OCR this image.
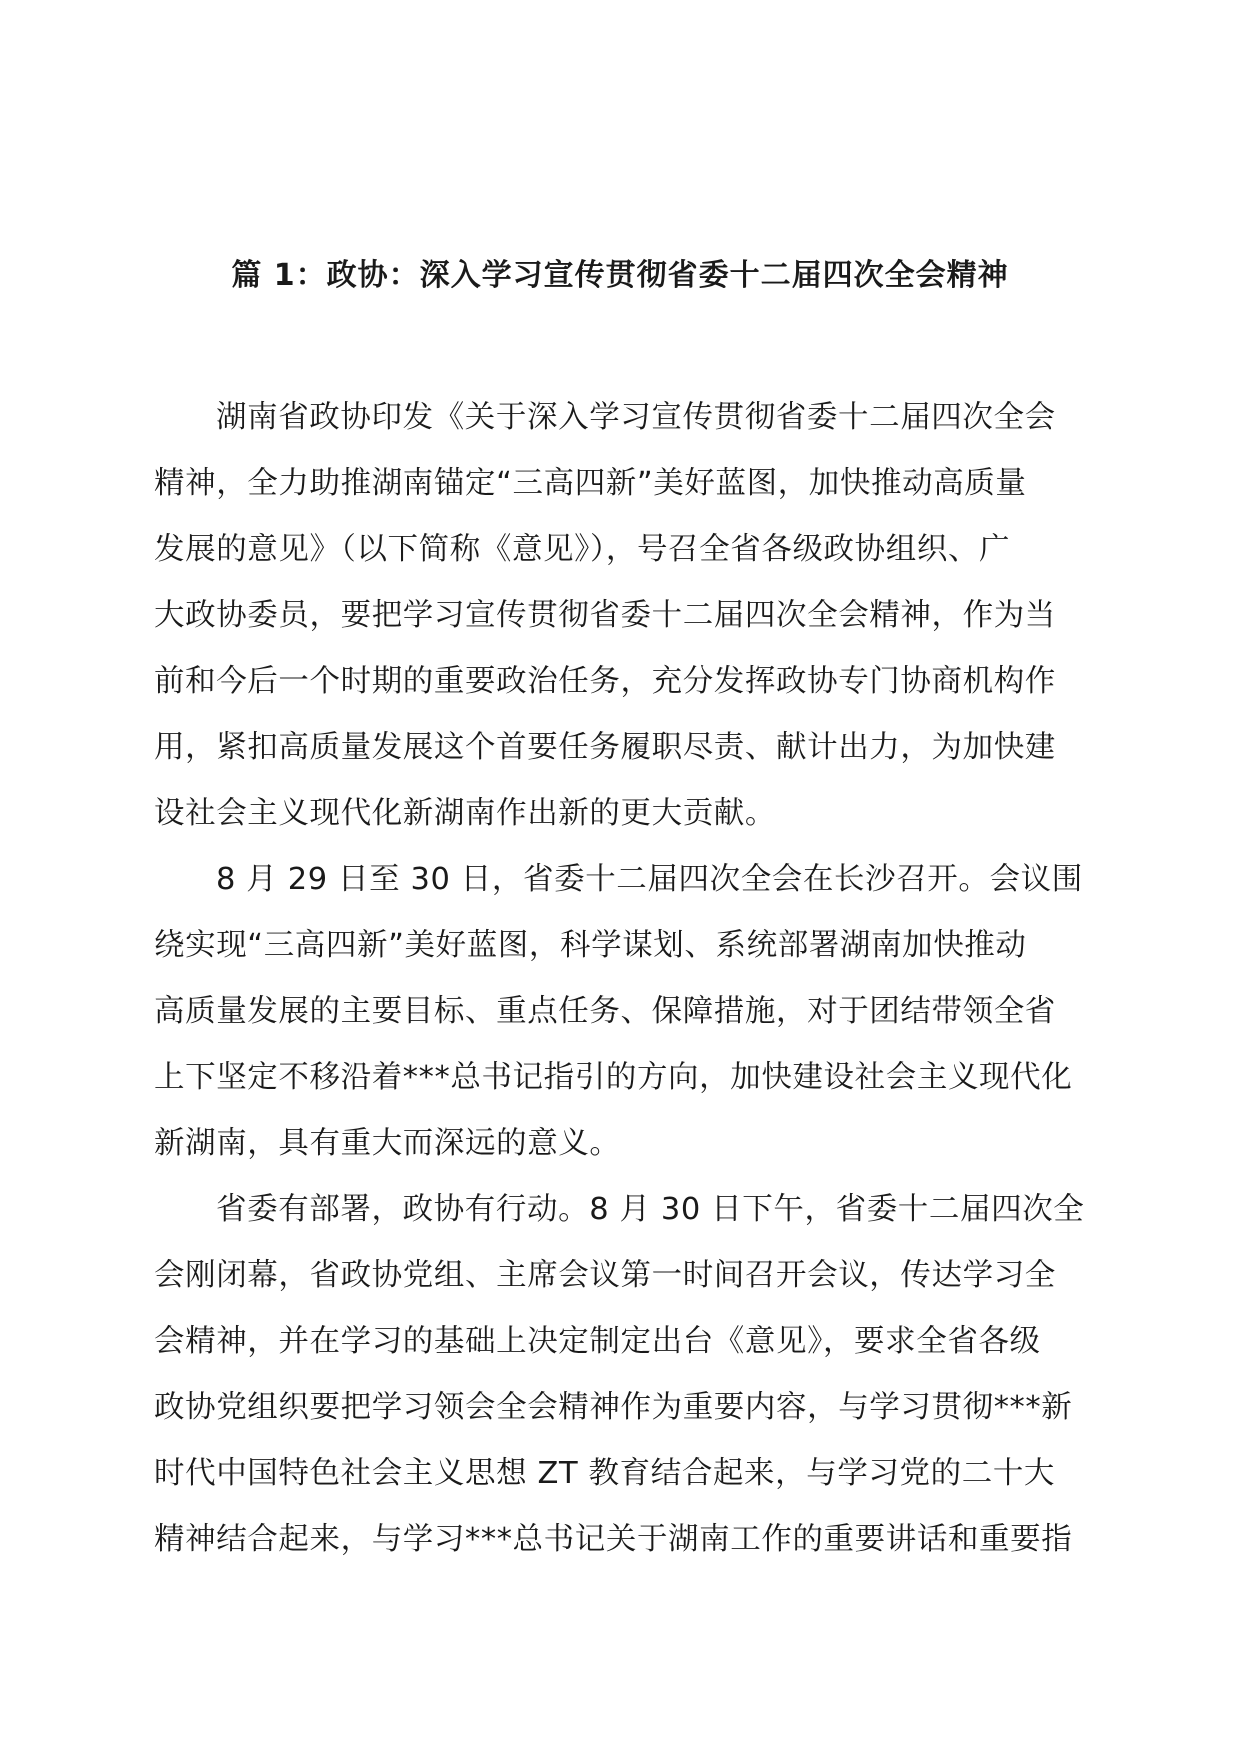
篇 1：政协：深入学习宣传贯彻省委十二届四次全会精神
湖南省政协印发《关于深入学习宣传贯彻省委十二届四次全会
精神，全力助推湖南锚定“三高四新”美好蓝图，加快推动高质量
发展的意见》（以下简称《意见》），号召全省各级政协组织、广
大政协委员，要把学习宣传贯彻省委十二届四次全会精神，作为当
前和今后一个时期的重要政治任务，充分发挥政协专门协商机构作
用，紧扣高质量发展这个首要任务履职尽责、献计出力，为加快建
设社会主义现代化新湖南作出新的更大贡献。
8 月 29 日至 30 日，省委十二届四次全会在长沙召开。会议围
绕实现“三高四新”美好蓝图，科学谋划、系统部署湖南加快推动
高质量发展的主要目标、重点任务、保障措施，对于团结带领全省
上下坚定不移沿着***总书记指引的方向，加快建设社会主义现代化
新湖南，具有重大而深远的意义。
省委有部署，政协有行动。8 月 30 日下午，省委十二届四次全
会刚闭幕，省政协党组、主席会议第一时间召开会议，传达学习全
会精神，并在学习的基础上决定制定出台《意见》，要求全省各级
政协党组织要把学习领会全会精神作为重要内容，与学习贯彻***新
时代中国特色社会主义思想 ZT 教育结合起来，与学习党的二十大
精神结合起来，与学习***总书记关于湖南工作的重要讲话和重要指
